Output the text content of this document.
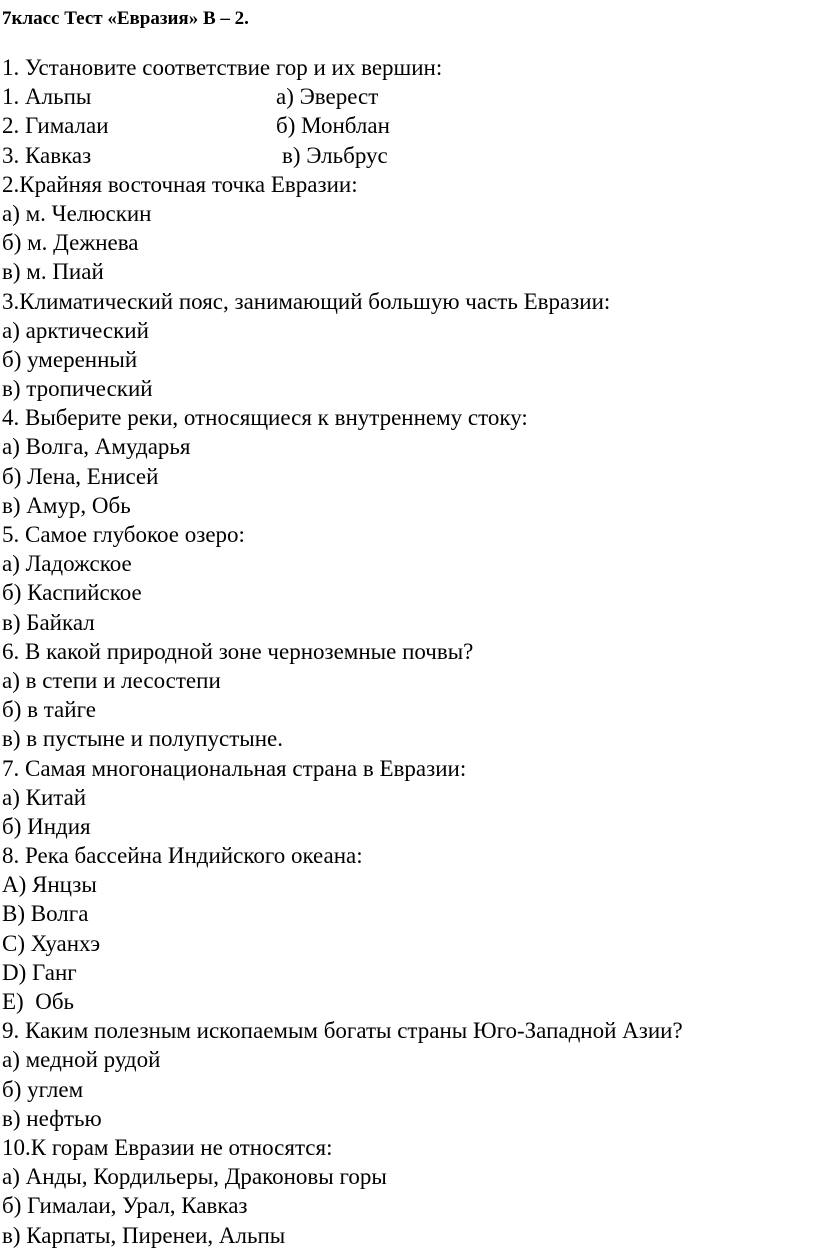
7класс Тест «Евразия» В – 2.
1. Установите соответствие гор и их вершин:
1. Альпы	а) Эверест
2. Гималаи	б) Монблан
3. Кавказ	в) Эльбрус
2.Крайняя восточная точка Евразии:
а) м. Челюскин
б) м. Дежнева
в) м. Пиай
3.Климатический пояс, занимающий большую часть Евразии:
а) арктический
б) умеренный
в) тропический
4. Выберите реки, относящиеся к внутреннему стоку:
а) Волга, Амударья
б) Лена, Енисей
в) Амур, Обь
5. Самое глубокое озеро:
а) Ладожское
б) Каспийское
в) Байкал
6. В какой природной зоне черноземные почвы?
а) в степи и лесостепи
б) в тайге
в) в пустыне и полупустыне.
7. Самая многонациональная страна в Евразии:
а) Китай
б) Индия
8. Река бассейна Индийского океана:
А) Янцзы
В) Волга
С) Хуанхэ
D) Ганг
Е)  Обь
9. Каким полезным ископаемым богаты страны Юго-Западной Азии?
а) медной рудой
б) углем
в) нефтью
10.К горам Евразии не относятся:
а) Анды, Кордильеры, Драконовы горы
б) Гималаи, Урал, Кавказ
в) Карпаты, Пиренеи, Альпы
